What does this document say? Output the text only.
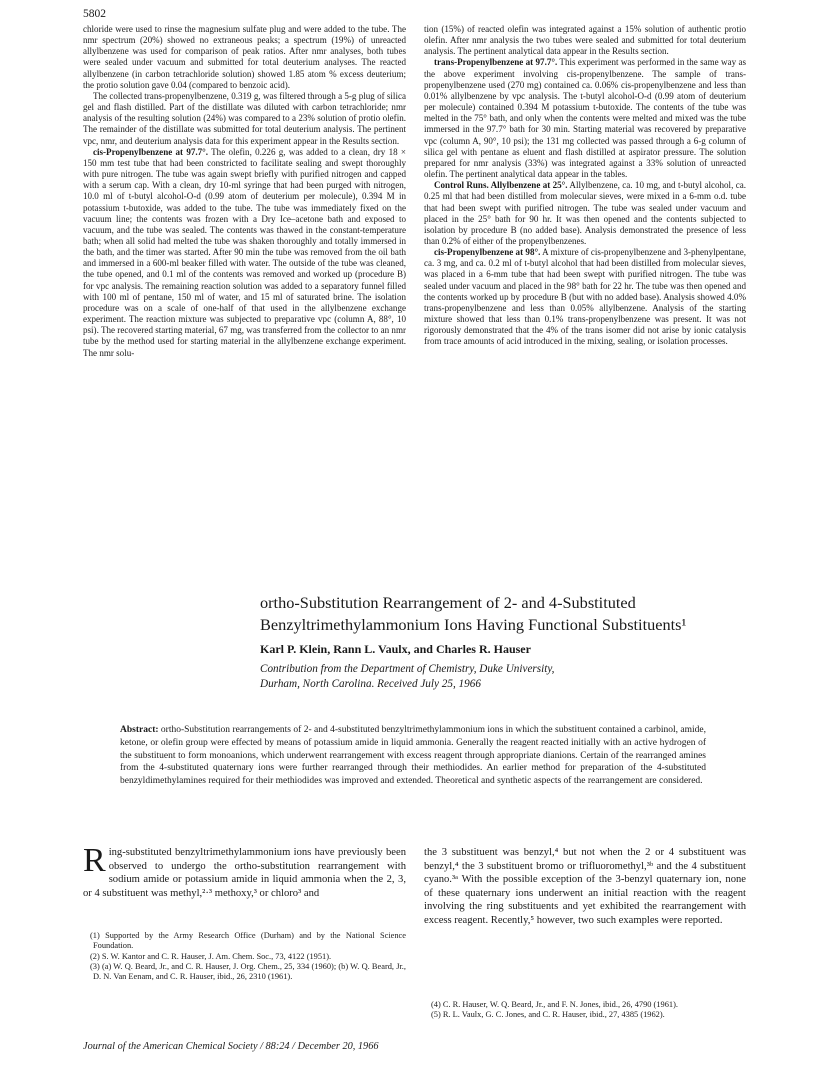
5802

chloride were used to rinse the magnesium sulfate plug and were added to the tube. The nmr spectrum (20%) showed no extraneous peaks; a spectrum (19%) of unreacted allylbenzene was used for comparison of peak ratios. After nmr analyses, both tubes were sealed under vacuum and submitted for total deuterium analyses. The reacted allylbenzene (in carbon tetrachloride solution) showed 1.85 atom % excess deuterium; the protio solution gave 0.04 (compared to benzoic acid).

The collected trans-propenylbenzene, 0.319 g, was filtered through a 5-g plug of silica gel and flash distilled. Part of the distillate was diluted with carbon tetrachloride; nmr analysis of the resulting solution (24%) was compared to a 23% solution of protio olefin. The remainder of the distillate was submitted for total deuterium analysis. The pertinent vpc, nmr, and deuterium analysis data for this experiment appear in the Results section.

cis-Propenylbenzene at 97.7°. The olefin, 0.226 g, was added to a clean, dry 18 × 150 mm test tube that had been constricted to facilitate sealing and swept thoroughly with pure nitrogen. The tube was again swept briefly with purified nitrogen and capped with a serum cap. With a clean, dry 10-ml syringe that had been purged with nitrogen, 10.0 ml of t-butyl alcohol-O-d (0.99 atom of deuterium per molecule), 0.394 M in potassium t-butoxide, was added to the tube. The tube was immediately fixed on the vacuum line; the contents was frozen with a Dry Ice–acetone bath and exposed to vacuum, and the tube was sealed. The contents was thawed in the constant-temperature bath; when all solid had melted the tube was shaken thoroughly and totally immersed in the bath, and the timer was started. After 90 min the tube was removed from the oil bath and immersed in a 600-ml beaker filled with water. The outside of the tube was cleaned, the tube opened, and 0.1 ml of the contents was removed and worked up (procedure B) for vpc analysis. The remaining reaction solution was added to a separatory funnel filled with 100 ml of pentane, 150 ml of water, and 15 ml of saturated brine. The isolation procedure was on a scale of one-half of that used in the allylbenzene exchange experiment. The reaction mixture was subjected to preparative vpc (column A, 88°, 10 psi). The recovered starting material, 67 mg, was transferred from the collector to an nmr tube by the method used for starting material in the allylbenzene exchange experiment. The nmr solu-

tion (15%) of reacted olefin was integrated against a 15% solution of authentic protio olefin. After nmr analysis the two tubes were sealed and submitted for total deuterium analysis. The pertinent analytical data appear in the Results section.

trans-Propenylbenzene at 97.7°. This experiment was performed in the same way as the above experiment involving cis-propenylbenzene. The sample of trans-propenylbenzene used (270 mg) contained ca. 0.06% cis-propenylbenzene and less than 0.01% allylbenzene by vpc analysis. The t-butyl alcohol-O-d (0.99 atom of deuterium per molecule) contained 0.394 M potassium t-butoxide. The contents of the tube was melted in the 75° bath, and only when the contents were melted and mixed was the tube immersed in the 97.7° bath for 30 min. Starting material was recovered by preparative vpc (column A, 90°, 10 psi); the 131 mg collected was passed through a 6-g column of silica gel with pentane as eluent and flash distilled at aspirator pressure. The solution prepared for nmr analysis (33%) was integrated against a 33% solution of unreacted olefin. The pertinent analytical data appear in the tables.

Control Runs. Allylbenzene at 25°. Allylbenzene, ca. 10 mg, and t-butyl alcohol, ca. 0.25 ml that had been distilled from molecular sieves, were mixed in a 6-mm o.d. tube that had been swept with purified nitrogen. The tube was sealed under vacuum and placed in the 25° bath for 90 hr. It was then opened and the contents subjected to isolation by procedure B (no added base). Analysis demonstrated the presence of less than 0.2% of either of the propenylbenzenes.

cis-Propenylbenzene at 98°. A mixture of cis-propenylbenzene and 3-phenylpentane, ca. 3 mg, and ca. 0.2 ml of t-butyl alcohol that had been distilled from molecular sieves, was placed in a 6-mm tube that had been swept with purified nitrogen. The tube was sealed under vacuum and placed in the 98° bath for 22 hr. The tube was then opened and the contents worked up by procedure B (but with no added base). Analysis showed 4.0% trans-propenylbenzene and less than 0.05% allylbenzene. Analysis of the starting mixture showed that less than 0.1% trans-propenylbenzene was present. It was not rigorously demonstrated that the 4% of the trans isomer did not arise by ionic catalysis from trace amounts of acid introduced in the mixing, sealing, or isolation processes.

ortho-Substitution Rearrangement of 2- and 4-Substituted
Benzyltrimethylammonium Ions Having Functional Substituents¹
Karl P. Klein, Rann L. Vaulx, and Charles R. Hauser
Contribution from the Department of Chemistry, Duke University,
Durham, North Carolina. Received July 25, 1966
Abstract: ortho-Substitution rearrangements of 2- and 4-substituted benzyltrimethylammonium ions in which the substituent contained a carbinol, amide, ketone, or olefin group were effected by means of potassium amide in liquid ammonia. Generally the reagent reacted initially with an active hydrogen of the substituent to form monoanions, which underwent rearrangement with excess reagent through appropriate dianions. Certain of the rearranged amines from the 4-substituted quaternary ions were further rearranged through their methiodides. An earlier method for preparation of the 4-substituted benzyldimethylamines required for their methiodides was improved and extended. Theoretical and synthetic aspects of the rearrangement are considered.
Ring-substituted benzyltrimethylammonium ions have previously been observed to undergo the ortho-substitution rearrangement with sodium amide or potassium amide in liquid ammonia when the 2, 3, or 4 substituent was methyl,²·³ methoxy,³ or chloro³ and
the 3 substituent was benzyl,⁴ but not when the 2 or 4 substituent was benzyl,⁴ the 3 substituent bromo or trifluoromethyl,³ᵇ and the 4 substituent cyano.³ᵃ With the possible exception of the 3-benzyl quaternary ion, none of these quaternary ions underwent an initial reaction with the reagent involving the ring substituents and yet exhibited the rearrangement with excess reagent. Recently,⁵ however, two such examples were reported.

(1) Supported by the Army Research Office (Durham) and by the National Science Foundation.

(2) S. W. Kantor and C. R. Hauser, J. Am. Chem. Soc., 73, 4122 (1951).

(3) (a) W. Q. Beard, Jr., and C. R. Hauser, J. Org. Chem., 25, 334 (1960); (b) W. Q. Beard, Jr., D. N. Van Eenam, and C. R. Hauser, ibid., 26, 2310 (1961).

(4) C. R. Hauser, W. Q. Beard, Jr., and F. N. Jones, ibid., 26, 4790 (1961).

(5) R. L. Vaulx, G. C. Jones, and C. R. Hauser, ibid., 27, 4385 (1962).

Journal of the American Chemical Society / 88:24 / December 20, 1966
